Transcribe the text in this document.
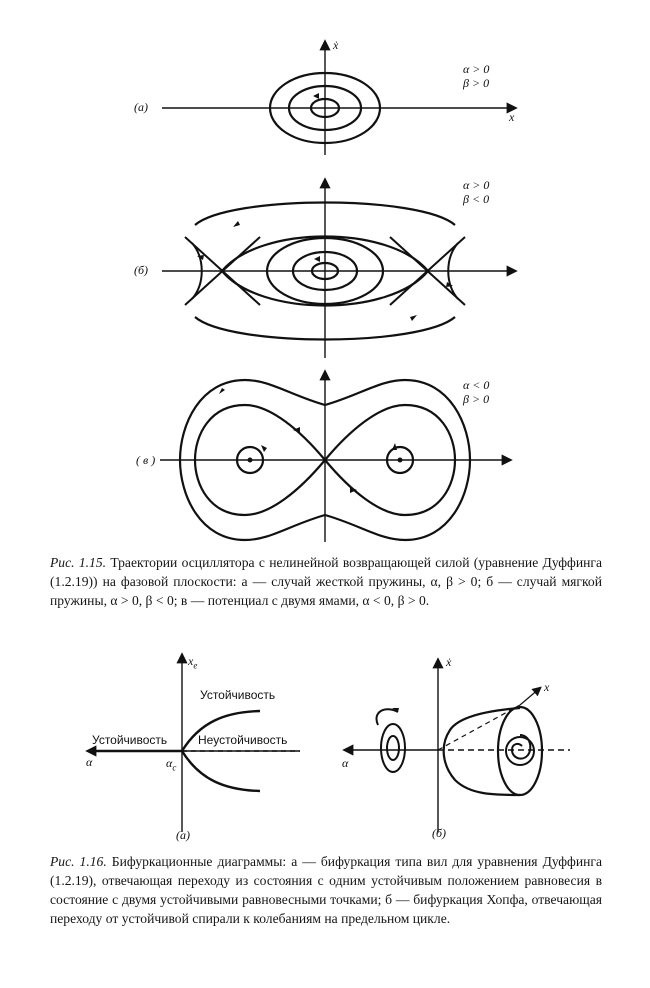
(а)
x
ẋ
α > 0
β > 0
(б)
α > 0
β < 0
( в )
α < 0
β > 0
Рис. 1.15. Траектории осциллятора с нелинейной возвращающей силой (уравнение Дуффинга (1.2.19)) на фазовой плоскости: а — случай жесткой пружины, α, β > 0; б — случай мягкой пружины, α > 0, β < 0; в — потенциал с двумя ямами, α < 0, β > 0.
$x_e$
α	$\alpha_c$
Устойчивость
Устойчивость
Неустойчивость
(а)
ẋ
x
α
(б)
Рис. 1.16. Бифуркационные диаграммы: а — бифуркация типа вил для уравнения Дуффинга (1.2.19), отвечающая переходу из состояния с одним устойчивым положением равновесия в состояние с двумя устойчивыми равновесными точками; б — бифуркация Хопфа, отвечающая переходу от устойчивой спирали к колебаниям на предельном цикле.
